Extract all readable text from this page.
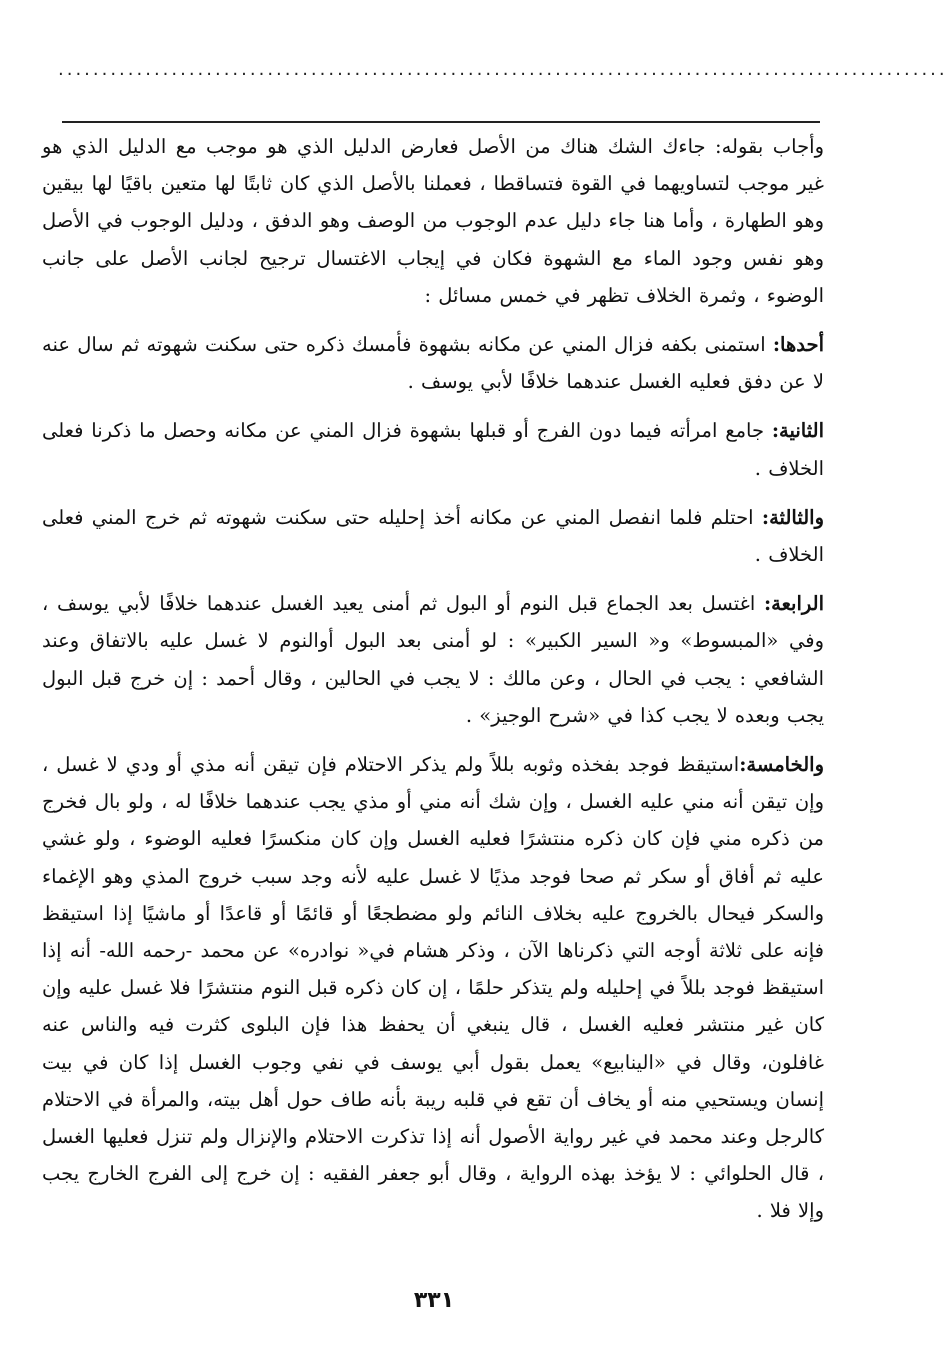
......................................................................................................

وأجاب بقوله: جاءك الشك هناك من الأصل فعارض الدليل الذي هو موجب مع الدليل الذي هو غير موجب لتساويهما في القوة فتساقطا ، فعملنا بالأصل الذي كان ثابتًا لها متعين باقيًا لها بيقين وهو الطهارة ، وأما هنا جاء دليل عدم الوجوب من الوصف وهو الدفق ، ودليل الوجوب في الأصل وهو نفس وجود الماء مع الشهوة فكان في إيجاب الاغتسال ترجيح لجانب الأصل على جانب الوضوء ، وثمرة الخلاف تظهر في خمس مسائل :

أحدها: استمنى بكفه فزال المني عن مكانه بشهوة فأمسك ذكره حتى سكنت شهوته ثم سال عنه لا عن دفق فعليه الغسل عندهما خلافًا لأبي يوسف .

الثانية: جامع امرأته فيما دون الفرج أو قبلها بشهوة فزال المني عن مكانه وحصل ما ذكرنا فعلى الخلاف .

والثالثة: احتلم فلما انفصل المني عن مكانه أخذ إحليله حتى سكنت شهوته ثم خرج المني فعلى الخلاف .

الرابعة: اغتسل بعد الجماع قبل النوم أو البول ثم أمنى يعيد الغسل عندهما خلافًا لأبي يوسف ، وفي «المبسوط» و« السير الكبير» : لو أمنى بعد البول أوالنوم لا غسل عليه بالاتفاق وعند الشافعي : يجب في الحال ، وعن مالك : لا يجب في الحالين ، وقال أحمد : إن خرج قبل البول يجب وبعده لا يجب كذا في «شرح الوجيز» .

والخامسة:استيقظ فوجد بفخذه وثوبه بللاً ولم يذكر الاحتلام فإن تيقن أنه مذي أو ودي لا غسل ، وإن تيقن أنه مني عليه الغسل ، وإن شك أنه مني أو مذي يجب عندهما خلافًا له ، ولو بال فخرج من ذكره مني فإن كان ذكره منتشرًا فعليه الغسل وإن كان منكسرًا فعليه الوضوء ، ولو غشي عليه ثم أفاق أو سكر ثم صحا فوجد مذيًا لا غسل عليه لأنه وجد سبب خروج المذي وهو الإغماء والسكر فيحال بالخروج عليه بخلاف النائم ولو مضطجعًا أو قائمًا أو قاعدًا أو ماشيًا إذا استيقظ فإنه على ثلاثة أوجه التي ذكرناها الآن ، وذكر هشام في« نوادره» عن محمد -رحمه الله- أنه إذا استيقظ فوجد بللاً في إحليله ولم يتذكر حلمًا ، إن كان ذكره قبل النوم منتشرًا فلا غسل عليه وإن كان غير منتشر فعليه الغسل ، قال ينبغي أن يحفظ هذا فإن البلوى كثرت فيه والناس عنه غافلون، وقال في «الينابيع» يعمل بقول أبي يوسف في نفي وجوب الغسل إذا كان في بيت إنسان ويستحيي منه أو يخاف أن تقع في قلبه ريبة بأنه طاف حول أهل بيته، والمرأة في الاحتلام كالرجل وعند محمد في غير رواية الأصول أنه إذا تذكرت الاحتلام والإنزال ولم تنزل فعليها الغسل ، قال الحلوائي : لا يؤخذ بهذه الرواية ، وقال أبو جعفر الفقيه : إن خرج إلى الفرج الخارج يجب وإلا فلا .

٣٣١
